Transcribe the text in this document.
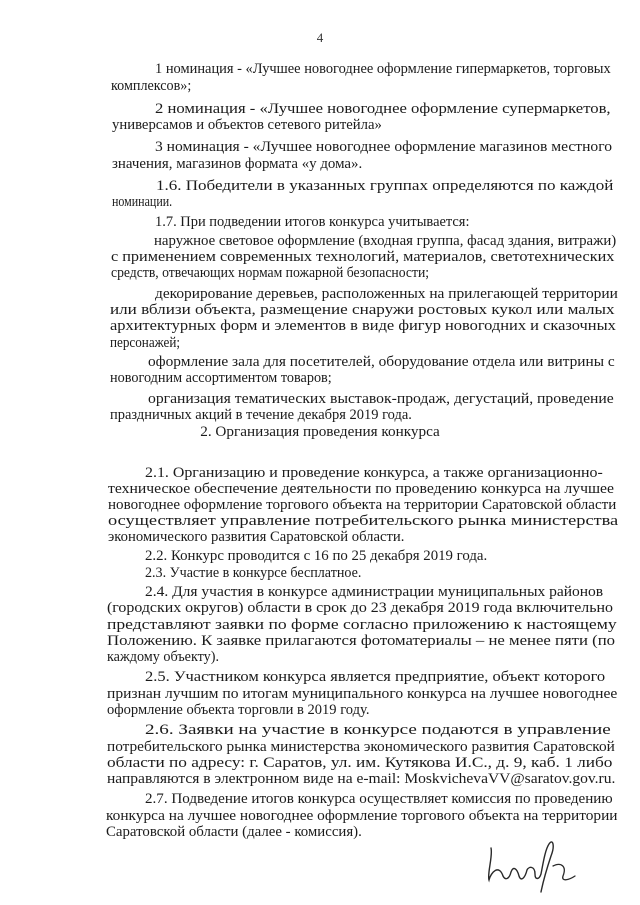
4
1 номинация - «Лучшее новогоднее оформление гипермаркетов, торговых
комплексов»;
2 номинация - «Лучшее новогоднее оформление супермаркетов,
универсамов и объектов сетевого ритейла»
3 номинация - «Лучшее новогоднее оформление магазинов местного
значения, магазинов формата «у дома».
1.6. Победители в указанных группах определяются по каждой
номинации.
1.7. При подведении итогов конкурса учитывается:
наружное световое оформление (входная группа, фасад здания, витражи)
с применением современных технологий, материалов, светотехнических
средств, отвечающих нормам пожарной безопасности;
декорирование деревьев, расположенных на прилегающей территории
или вблизи объекта, размещение снаружи ростовых кукол или малых
архитектурных форм и элементов в виде фигур новогодних и сказочных
персонажей;
оформление зала для посетителей, оборудование отдела или витрины с
новогодним ассортиментом товаров;
организация тематических выставок-продаж, дегустаций, проведение
праздничных акций в течение декабря 2019 года.
2. Организация проведения конкурса
2.1. Организацию и проведение конкурса, а также организационно-
техническое обеспечение деятельности по проведению конкурса на лучшее
новогоднее оформление торгового объекта на территории Саратовской области
осуществляет управление потребительского рынка министерства
экономического развития Саратовской области.
2.2. Конкурс проводится с 16 по 25 декабря 2019 года.
2.3. Участие в конкурсе бесплатное.
2.4. Для участия в конкурсе администрации муниципальных районов
(городских округов) области в срок до 23 декабря 2019 года включительно
представляют заявки по форме согласно приложению к настоящему
Положению. К заявке прилагаются фотоматериалы – не менее пяти (по
каждому объекту).
2.5. Участником конкурса является предприятие, объект которого
признан лучшим по итогам муниципального конкурса на лучшее новогоднее
оформление объекта торговли в 2019 году.
2.6. Заявки на участие в конкурсе подаются в управление
потребительского рынка министерства экономического развития Саратовской
области по адресу: г. Саратов, ул. им. Кутякова И.С., д. 9, каб. 1 либо
направляются в электронном виде на e-mail: MoskvichevaVV@saratov.gov.ru.
2.7. Подведение итогов конкурса осуществляет комиссия по проведению
конкурса на лучшее новогоднее оформление торгового объекта на территории
Саратовской области (далее - комиссия).
